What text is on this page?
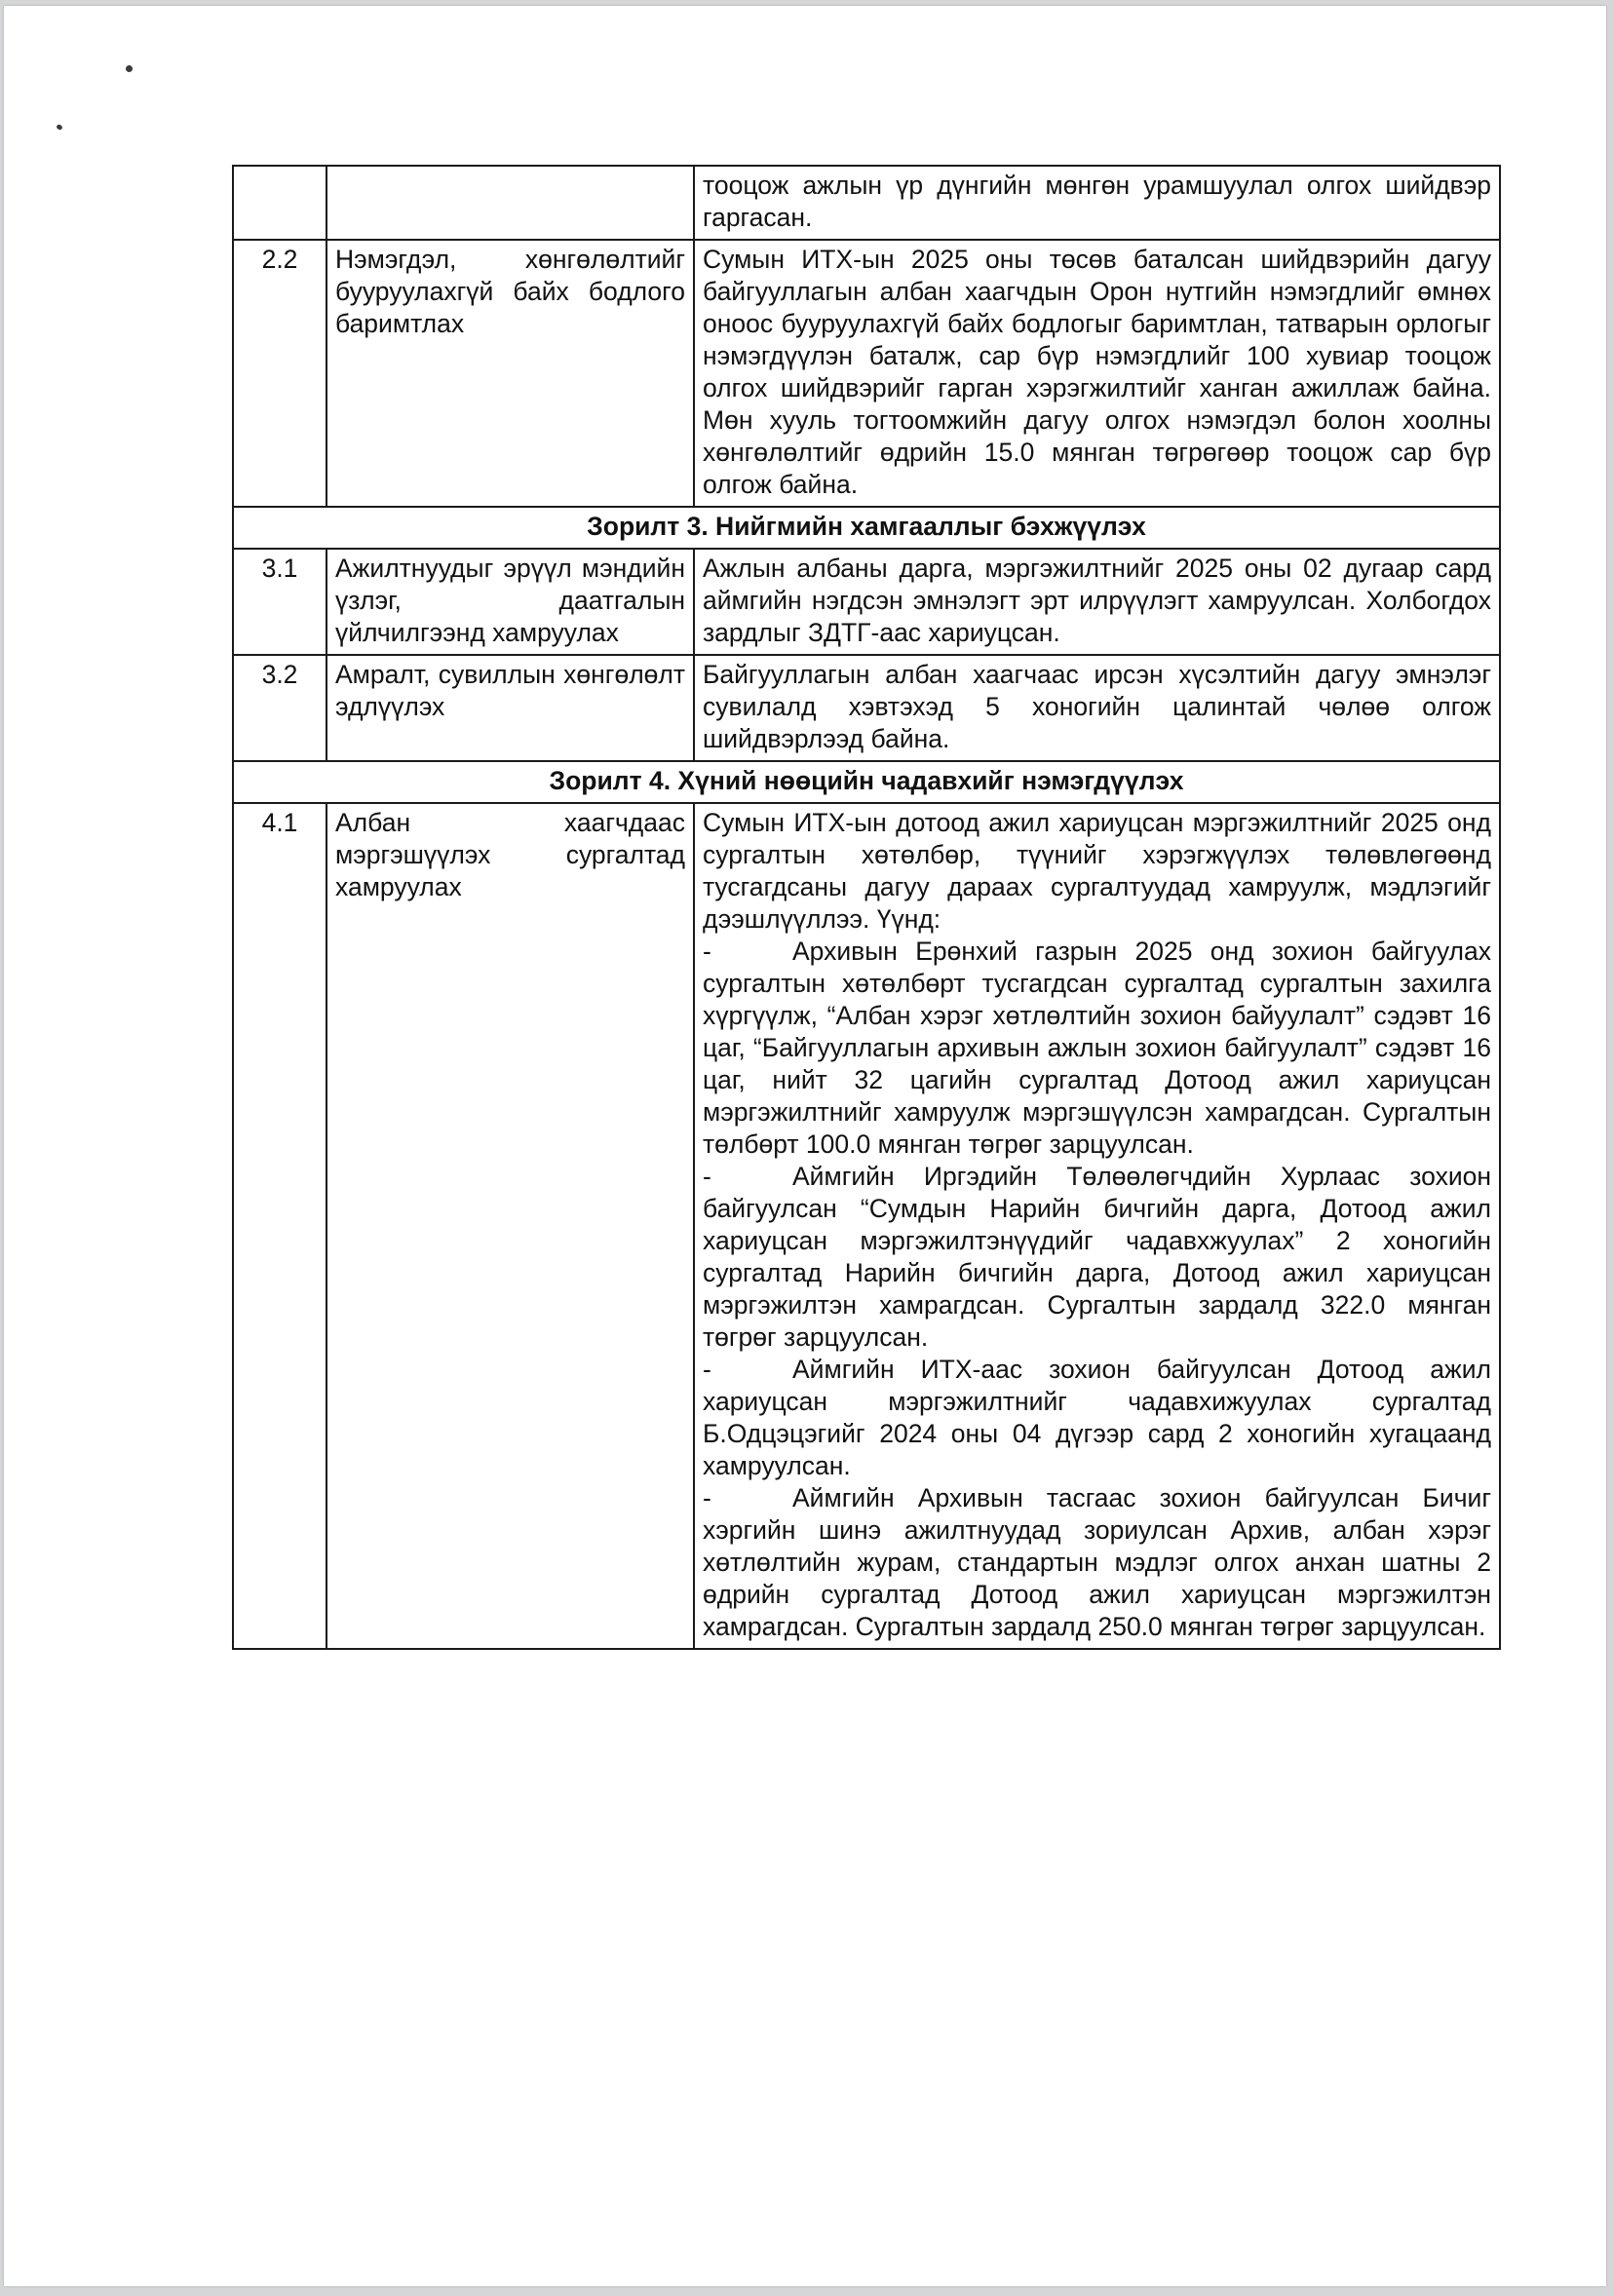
		тооцож ажлын үр дүнгийн мөнгөн урамшуулал олгох шийдвэр гаргасан.

2.2	Нэмэгдэл, хөнгөлөлтийг бууруулахгүй байх бодлого баримтлах	Сумын ИТХ-ын 2025 оны төсөв баталсан шийдвэрийн дагуу байгууллагын албан хаагчдын Орон нутгийн нэмэгдлийг өмнөх оноос бууруулахгүй байх бодлогыг баримтлан, татварын орлогыг нэмэгдүүлэн баталж, сар бүр нэмэгдлийг 100 хувиар тооцож олгох шийдвэрийг гарган хэрэгжилтийг ханган ажиллаж байна. Мөн хууль тогтоомжийн дагуу олгох нэмэгдэл болон хоолны хөнгөлөлтийг өдрийн 15.0 мянган төгрөгөөр тооцож сар бүр олгож байна.

Зорилт 3. Нийгмийн хамгааллыг бэхжүүлэх		
3.1	Ажилтнуудыг эрүүл мэндийн үзлэг, даатгалын үйлчилгээнд хамруулах	Ажлын албаны дарга, мэргэжилтнийг 2025 оны 02 дугаар сард аймгийн нэгдсэн эмнэлэгт эрт илрүүлэгт хамруулсан. Холбогдох зардлыг ЗДТГ-аас хариуцсан.

3.2	Амралт, сувиллын хөнгөлөлт эдлүүлэх	Байгууллагын албан хаагчаас ирсэн хүсэлтийн дагуу эмнэлэг сувилалд хэвтэхэд 5 хоногийн цалинтай чөлөө олгож шийдвэрлээд байна.

Зорилт 4. Хүний нөөцийн чадавхийг нэмэгдүүлэх		
4.1	Албан хаагчдаас мэргэшүүлэх сургалтад хамруулах	Сумын ИТХ-ын дотоод ажил хариуцсан мэргэжилтнийг 2025 онд сургалтын хөтөлбөр, түүнийг хэрэгжүүлэх төлөвлөгөөнд тусгагдсаны дагуу дараах сургалтуудад хамруулж, мэдлэгийг дээшлүүллээ. Үүнд:
- Архивын Ерөнхий газрын 2025 онд зохион байгуулах сургалтын хөтөлбөрт тусгагдсан сургалтад сургалтын захилга хүргүүлж, “Албан хэрэг хөтлөлтийн зохион байуулалт” сэдэвт 16 цаг, “Байгууллагын архивын ажлын зохион байгуулалт” сэдэвт 16 цаг, нийт 32 цагийн сургалтад Дотоод ажил хариуцсан мэргэжилтнийг хамруулж мэргэшүүлсэн хамрагдсан. Сургалтын төлбөрт 100.0 мянган төгрөг зарцуулсан.
- Аймгийн Иргэдийн Төлөөлөгчдийн Хурлаас зохион байгуулсан “Сумдын Нарийн бичгийн дарга, Дотоод ажил хариуцсан мэргэжилтэнүүдийг чадавхжуулах” 2 хоногийн сургалтад Нарийн бичгийн дарга, Дотоод ажил хариуцсан мэргэжилтэн хамрагдсан. Сургалтын зардалд 322.0 мянган төгрөг зарцуулсан.
- Аймгийн ИТХ-аас зохион байгуулсан Дотоод ажил хариуцсан мэргэжилтнийг чадавхижуулах сургалтад Б.Одцэцэгийг 2024 оны 04 дүгээр сард 2 хоногийн хугацаанд хамруулсан.
- Аймгийн Архивын тасгаас зохион байгуулсан Бичиг хэргийн шинэ ажилтнуудад зориулсан Архив, албан хэрэг хөтлөлтийн журам, стандартын мэдлэг олгох анхан шатны 2 өдрийн сургалтад Дотоод ажил хариуцсан мэргэжилтэн хамрагдсан. Сургалтын зардалд 250.0 мянган төгрөг зарцуулсан.
